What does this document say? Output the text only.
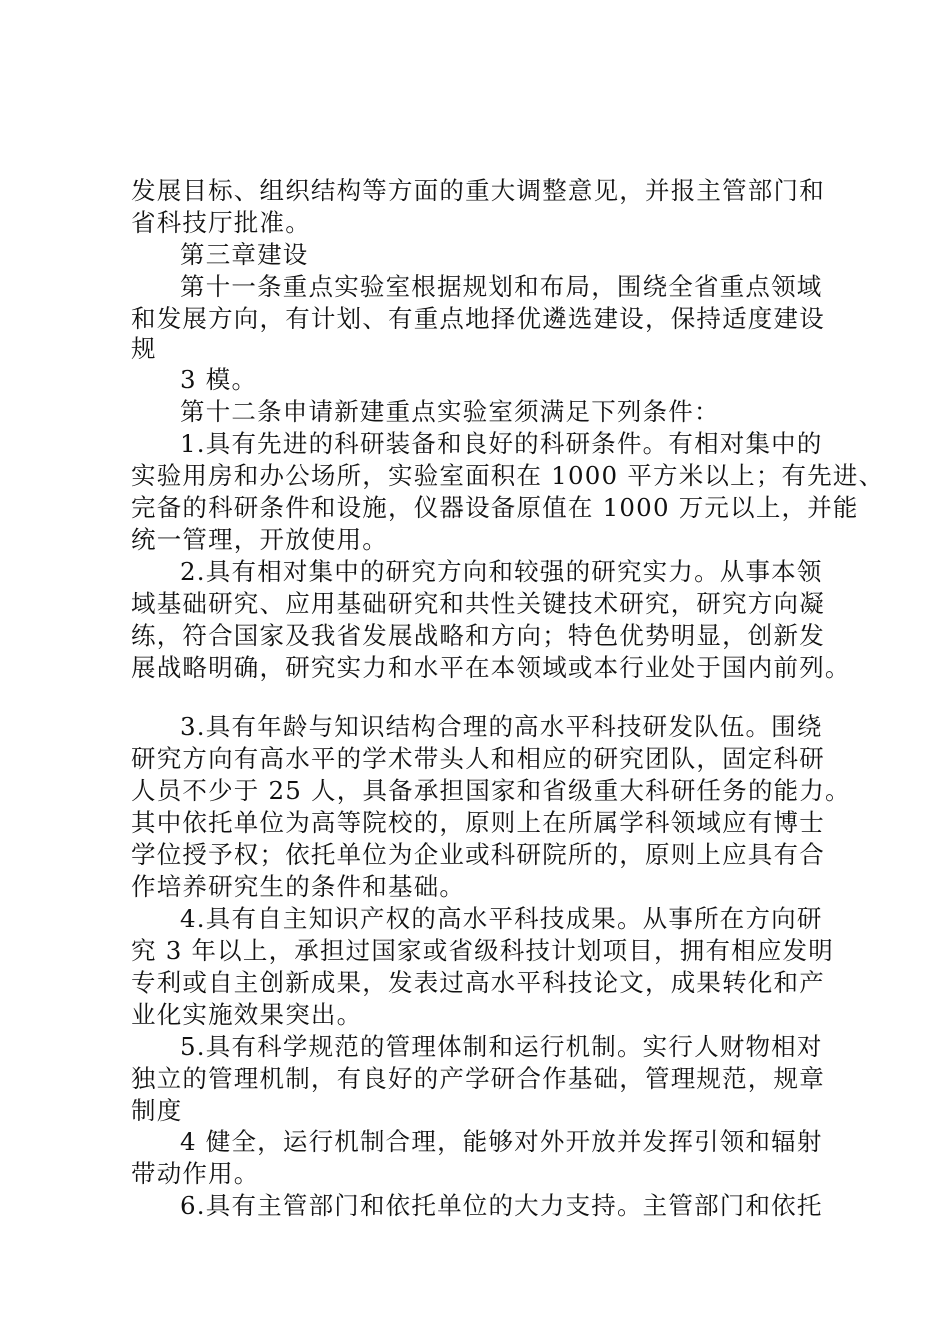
发展目标、组织结构等方面的重大调整意见，并报主管部门和
省科技厅批准。
第三章建设
第十一条重点实验室根据规划和布局，围绕全省重点领域
和发展方向，有计划、有重点地择优遴选建设，保持适度建设
规
3 模。
第十二条申请新建重点实验室须满足下列条件：
1.具有先进的科研装备和良好的科研条件。有相对集中的
实验用房和办公场所，实验室面积在 1000 平方米以上；有先进、
完备的科研条件和设施，仪器设备原值在 1000 万元以上，并能
统一管理，开放使用。
2.具有相对集中的研究方向和较强的研究实力。从事本领
域基础研究、应用基础研究和共性关键技术研究，研究方向凝
练，符合国家及我省发展战略和方向；特色优势明显，创新发
展战略明确，研究实力和水平在本领域或本行业处于国内前列。
3.具有年龄与知识结构合理的高水平科技研发队伍。围绕
研究方向有高水平的学术带头人和相应的研究团队，固定科研
人员不少于 25 人，具备承担国家和省级重大科研任务的能力。
其中依托单位为高等院校的，原则上在所属学科领域应有博士
学位授予权；依托单位为企业或科研院所的，原则上应具有合
作培养研究生的条件和基础。
4.具有自主知识产权的高水平科技成果。从事所在方向研
究 3 年以上，承担过国家或省级科技计划项目，拥有相应发明
专利或自主创新成果，发表过高水平科技论文，成果转化和产
业化实施效果突出。
5.具有科学规范的管理体制和运行机制。实行人财物相对
独立的管理机制，有良好的产学研合作基础，管理规范，规章
制度
4 健全，运行机制合理，能够对外开放并发挥引领和辐射
带动作用。
6.具有主管部门和依托单位的大力支持。主管部门和依托
